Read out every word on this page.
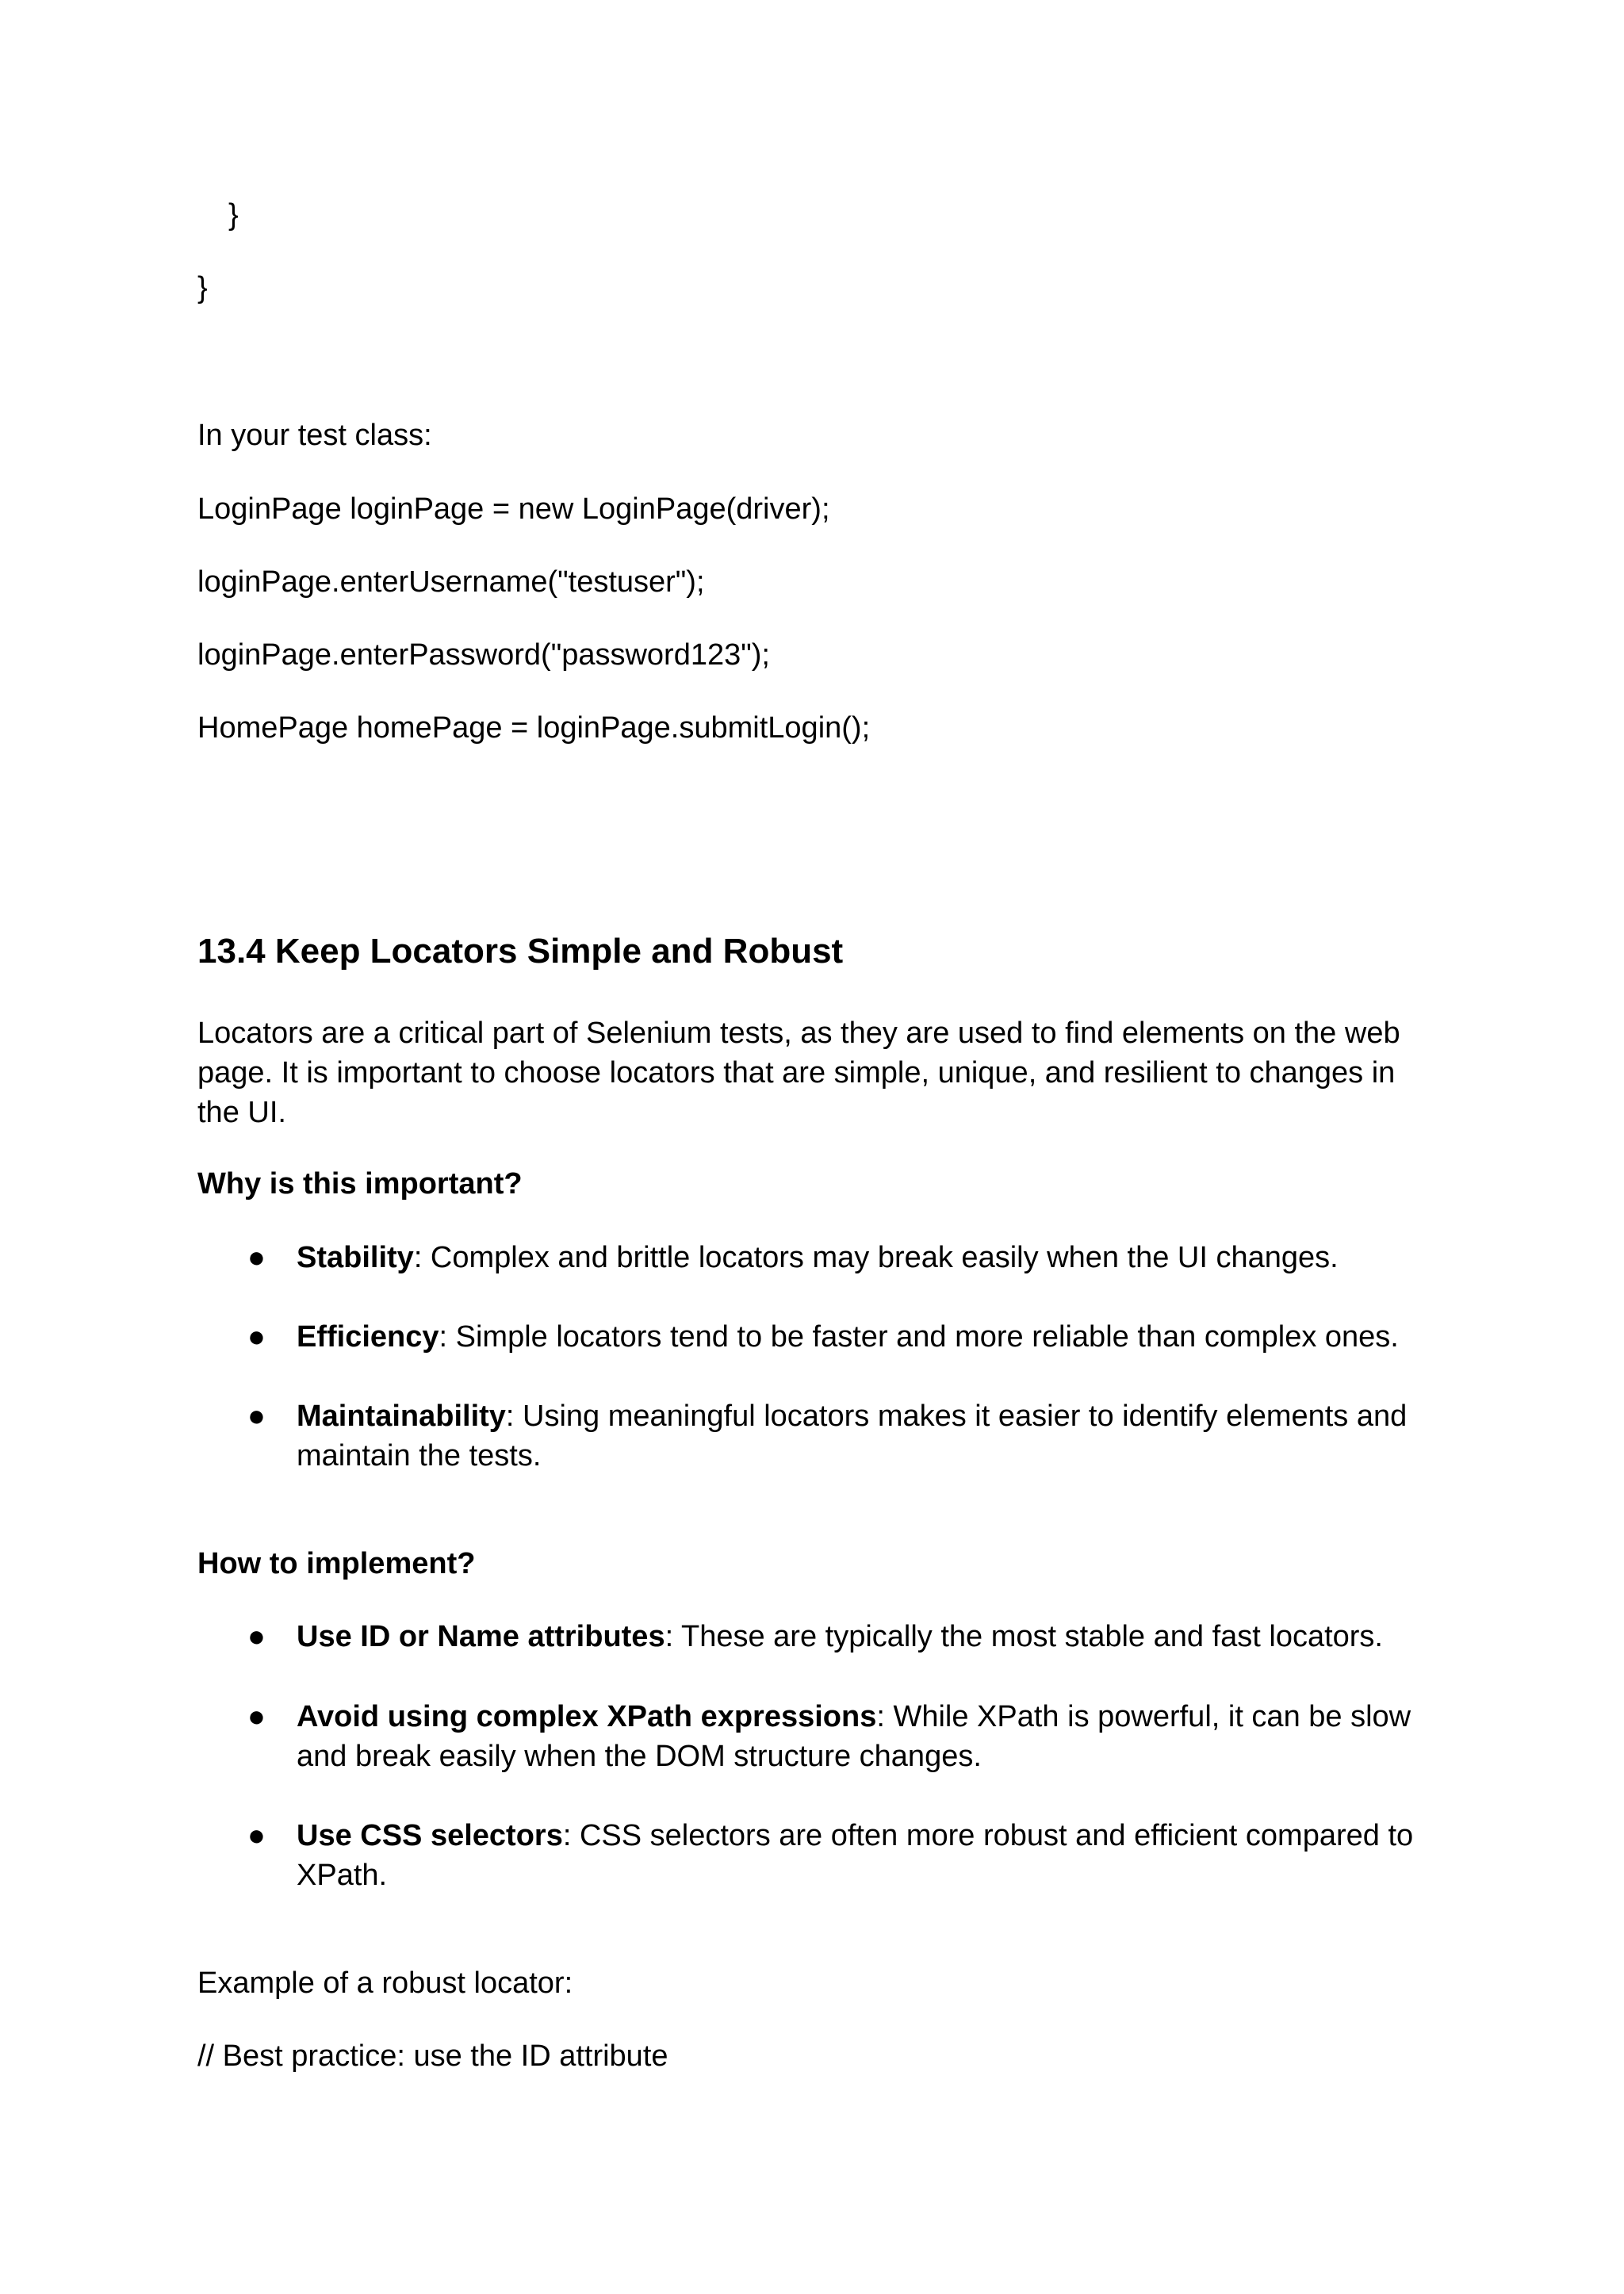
}
}
In your test class:
LoginPage loginPage = new LoginPage(driver);
loginPage.enterUsername("testuser");
loginPage.enterPassword("password123");
HomePage homePage = loginPage.submitLogin();
13.4 Keep Locators Simple and Robust
Locators are a critical part of Selenium tests, as they are used to find elements on the web page. It is important to choose locators that are simple, unique, and resilient to changes in the UI.
Why is this important?
●	Stability: Complex and brittle locators may break easily when the UI changes.
●	Efficiency: Simple locators tend to be faster and more reliable than complex ones.
●	Maintainability: Using meaningful locators makes it easier to identify elements and maintain the tests.
How to implement?
●	Use ID or Name attributes: These are typically the most stable and fast locators.
●	Avoid using complex XPath expressions: While XPath is powerful, it can be slow and break easily when the DOM structure changes.
●	Use CSS selectors: CSS selectors are often more robust and efficient compared to XPath.
Example of a robust locator:
// Best practice: use the ID attribute
